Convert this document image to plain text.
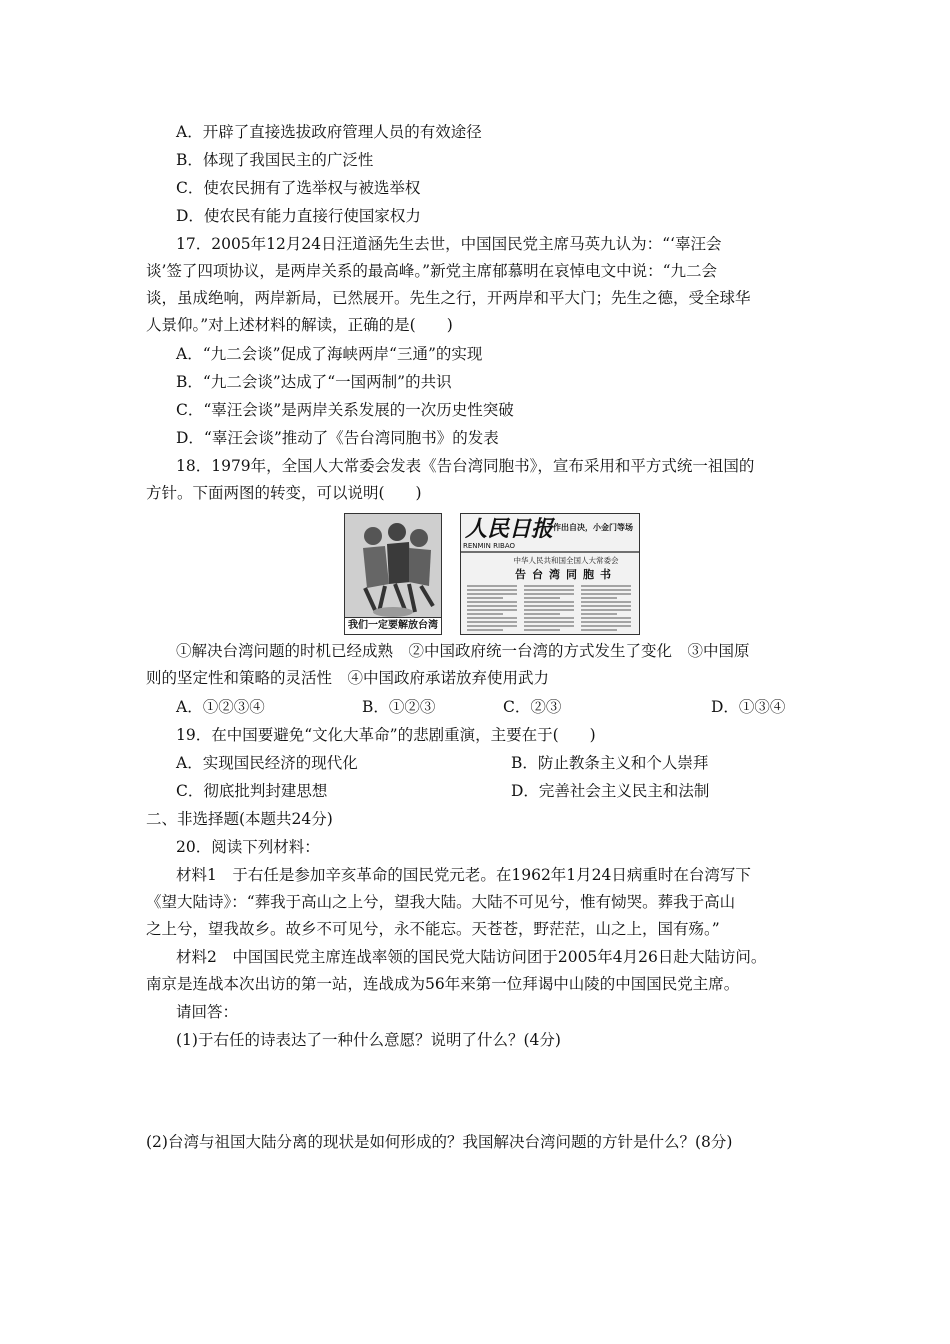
A．开辟了直接选拔政府管理人员的有效途径
B．体现了我国民主的广泛性
C．使农民拥有了选举权与被选举权
D．使农民有能力直接行使国家权力
17．2005年12月24日汪道涵先生去世，中国国民党主席马英九认为：“‘辜汪会
谈’签了四项协议，是两岸关系的最高峰。”新党主席郁慕明在哀悼电文中说：“九二会
谈，虽成绝响，两岸新局，已然展开。先生之行，开两岸和平大门；先生之德，受全球华
人景仰。”对上述材料的解读，正确的是(　　)
A．“九二会谈”促成了海峡两岸“三通”的实现
B．“九二会谈”达成了“一国两制”的共识
C．“辜汪会谈”是两岸关系发展的一次历史性突破
D．“辜汪会谈”推动了《告台湾同胞书》的发表
18．1979年，全国人大常委会发表《告台湾同胞书》，宣布采用和平方式统一祖国的
方针。下面两图的转变，可以说明(　　)
①解决台湾问题的时机已经成熟　②中国政府统一台湾的方式发生了变化　③中国原
则的坚定性和策略的灵活性　④中国政府承诺放弃使用武力
A．①②③④	B．①②③	C．②③	D．①③④
19．在中国要避免“文化大革命”的悲剧重演，主要在于(　　)
A．实现国民经济的现代化	B．防止教条主义和个人崇拜
C．彻底批判封建思想	D．完善社会主义民主和法制
二、非选择题(本题共24分)
20．阅读下列材料：
材料1　于右任是参加辛亥革命的国民党元老。在1962年1月24日病重时在台湾写下
《望大陆诗》：“葬我于高山之上兮，望我大陆。大陆不可见兮，惟有恸哭。葬我于高山
之上兮，望我故乡。故乡不可见兮，永不能忘。天苍苍，野茫茫，山之上，国有殇。”
材料2　中国国民党主席连战率领的国民党大陆访问团于2005年4月26日赴大陆访问。
南京是连战本次出访的第一站，连战成为56年来第一位拜谒中山陵的中国国民党主席。
请回答：
(1)于右任的诗表达了一种什么意愿？说明了什么？(4分)
(2)台湾与祖国大陆分离的现状是如何形成的？我国解决台湾问题的方针是什么？(8分)
我们一定要解放台湾
人民日报
RENMIN RIBAO
作出自决，小金门等场
中华人民共和国全国人大常委会
告台湾同胞书
